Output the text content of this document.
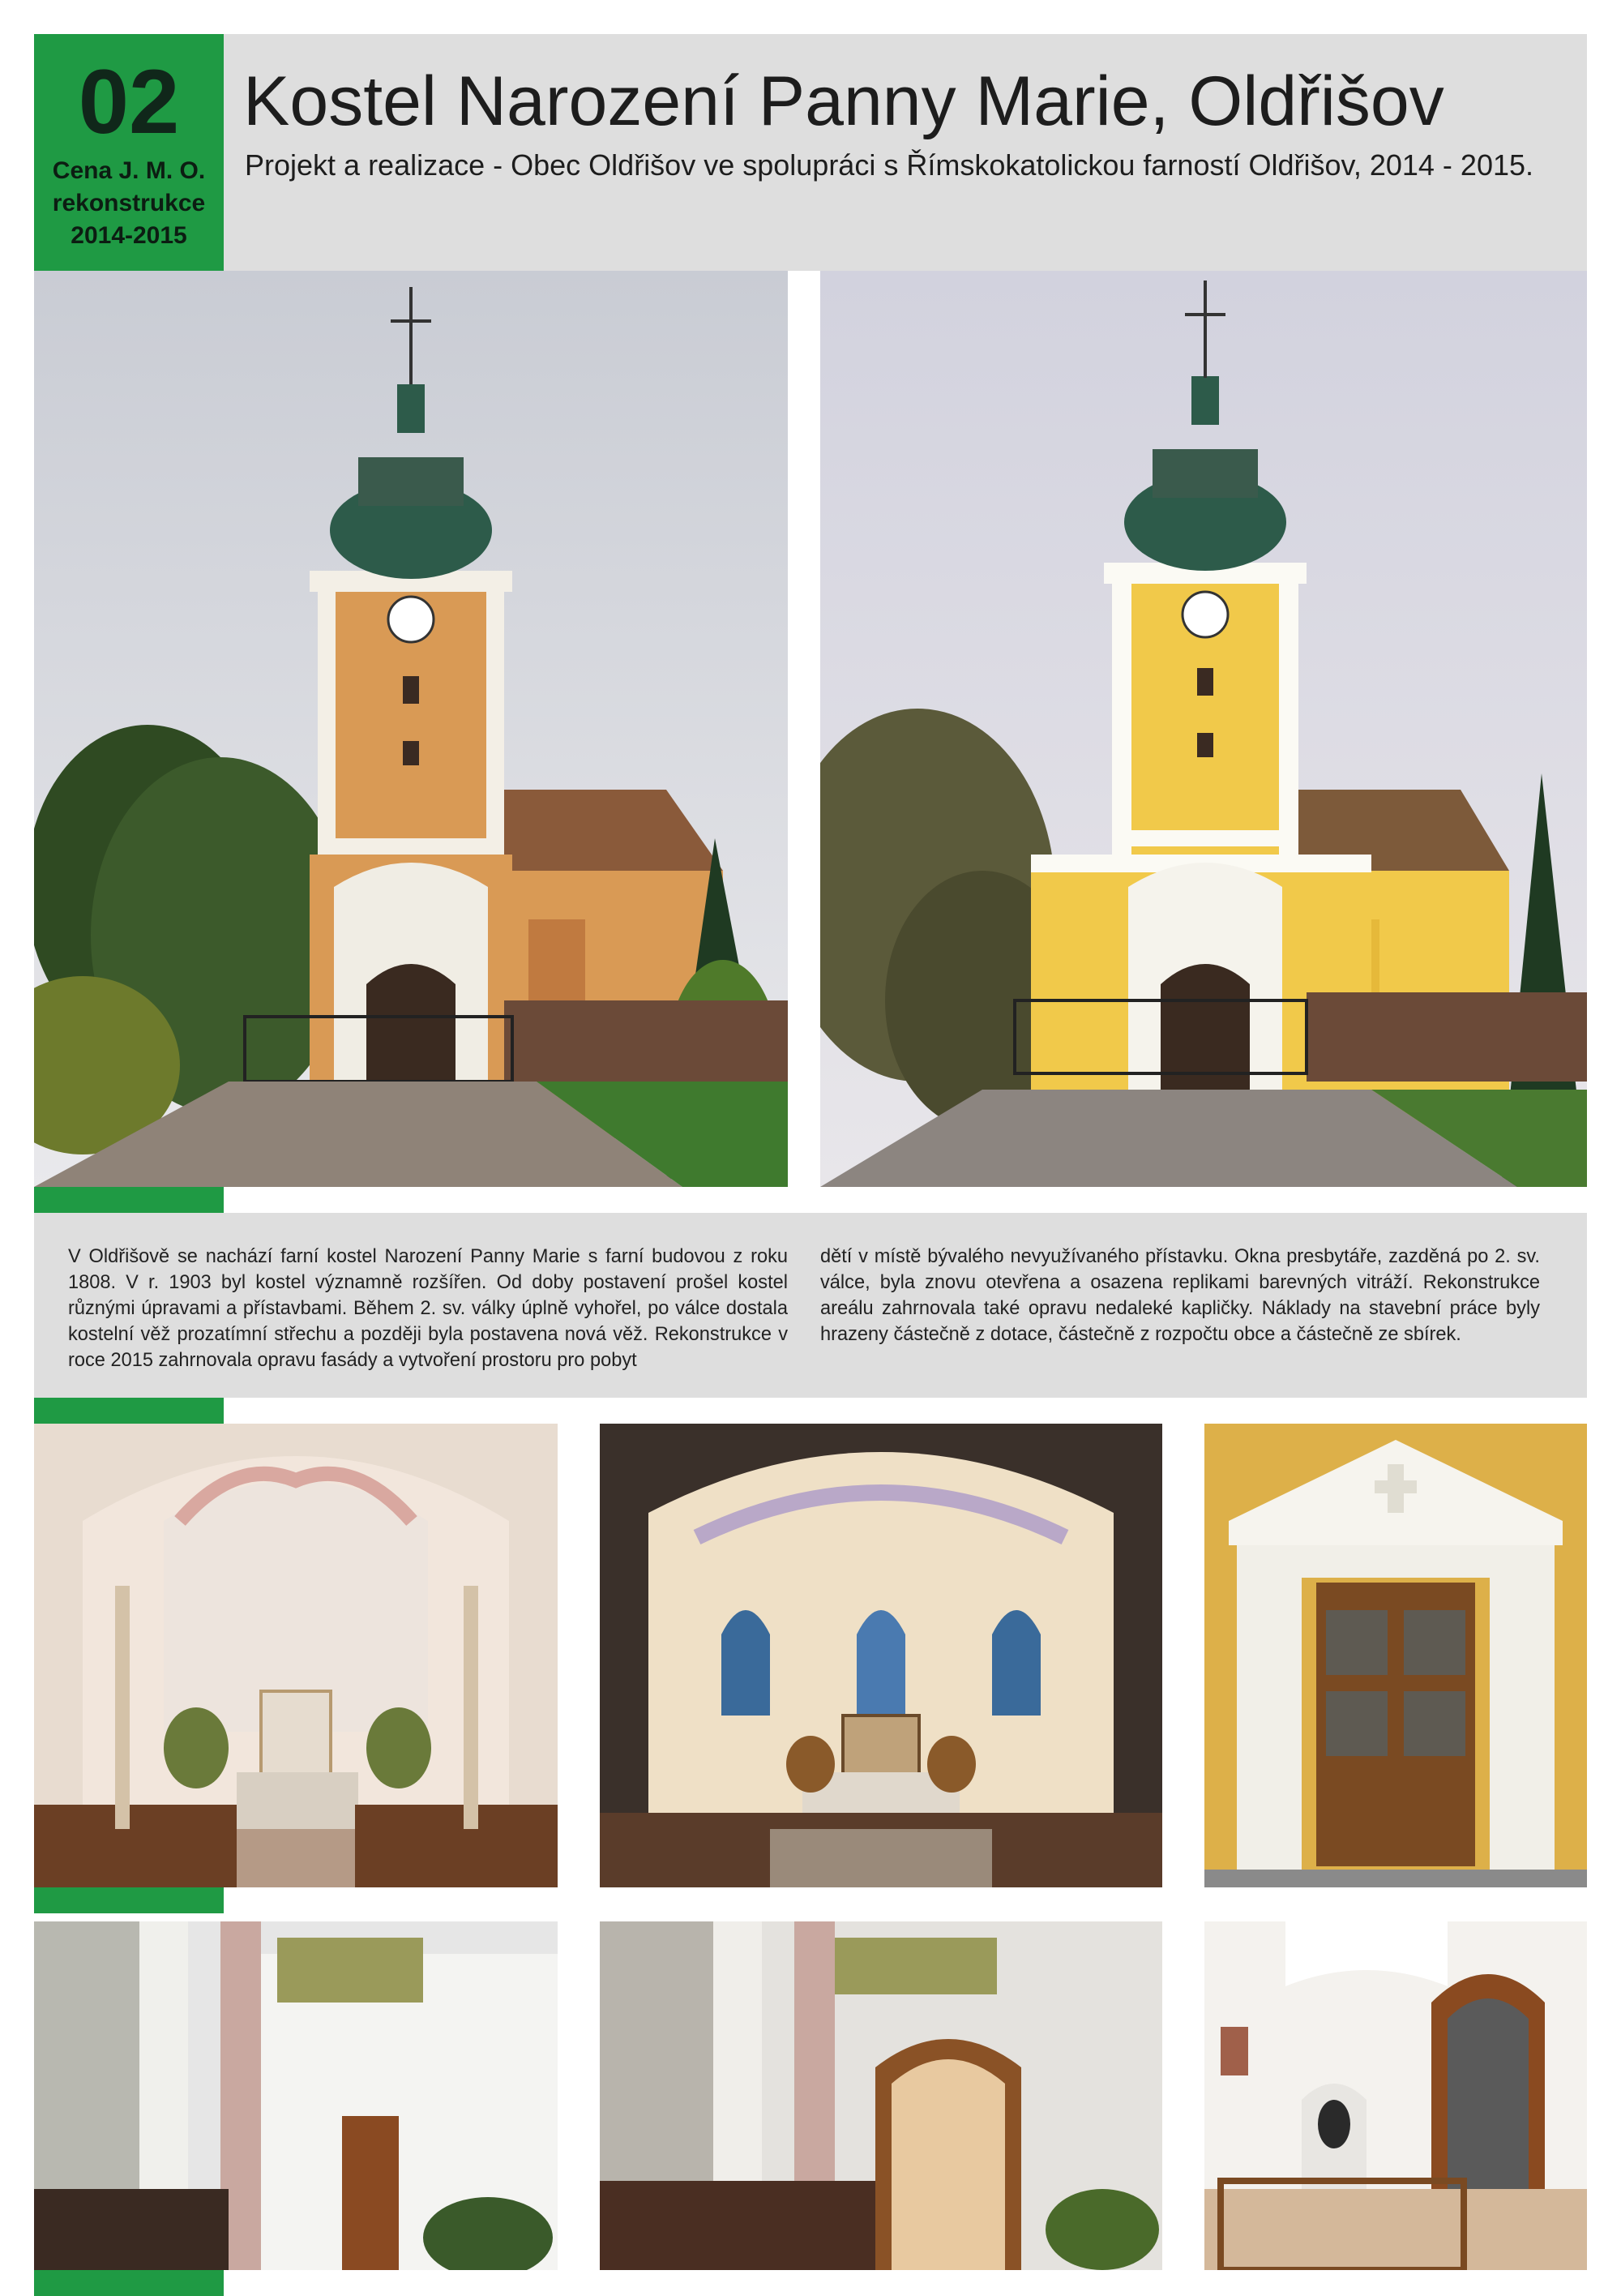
02
Cena J. M. O.
rekonstrukce
2014-2015
Kostel Narození Panny Marie, Oldřišov
Projekt a realizace - Obec Oldřišov ve spolupráci s Římskokatolickou farností Oldřišov, 2014 - 2015.
V Oldřišově se nachází farní kostel Narození Panny Marie s farní budovou z roku 1808. V r. 1903 byl kostel významně rozšířen. Od doby postavení prošel kostel různými úpravami a přístavbami. Během 2. sv. války úplně vyhořel, po válce dostala kostelní věž prozatímní střechu a později byla postavena nová věž. Rekonstrukce v roce 2015 zahrnovala opravu fasády a vytvoření prostoru pro pobyt
dětí v místě bývalého nevyužívaného přístavku. Okna presbytáře, zazděná po 2. sv. válce, byla znovu otevřena a osazena replikami barevných vitráží. Rekonstrukce areálu zahrnovala také opravu nedaleké kapličky. Náklady na stavební práce byly hrazeny částečně z dotace, částečně z rozpočtu obce a částečně ze sbírek.
